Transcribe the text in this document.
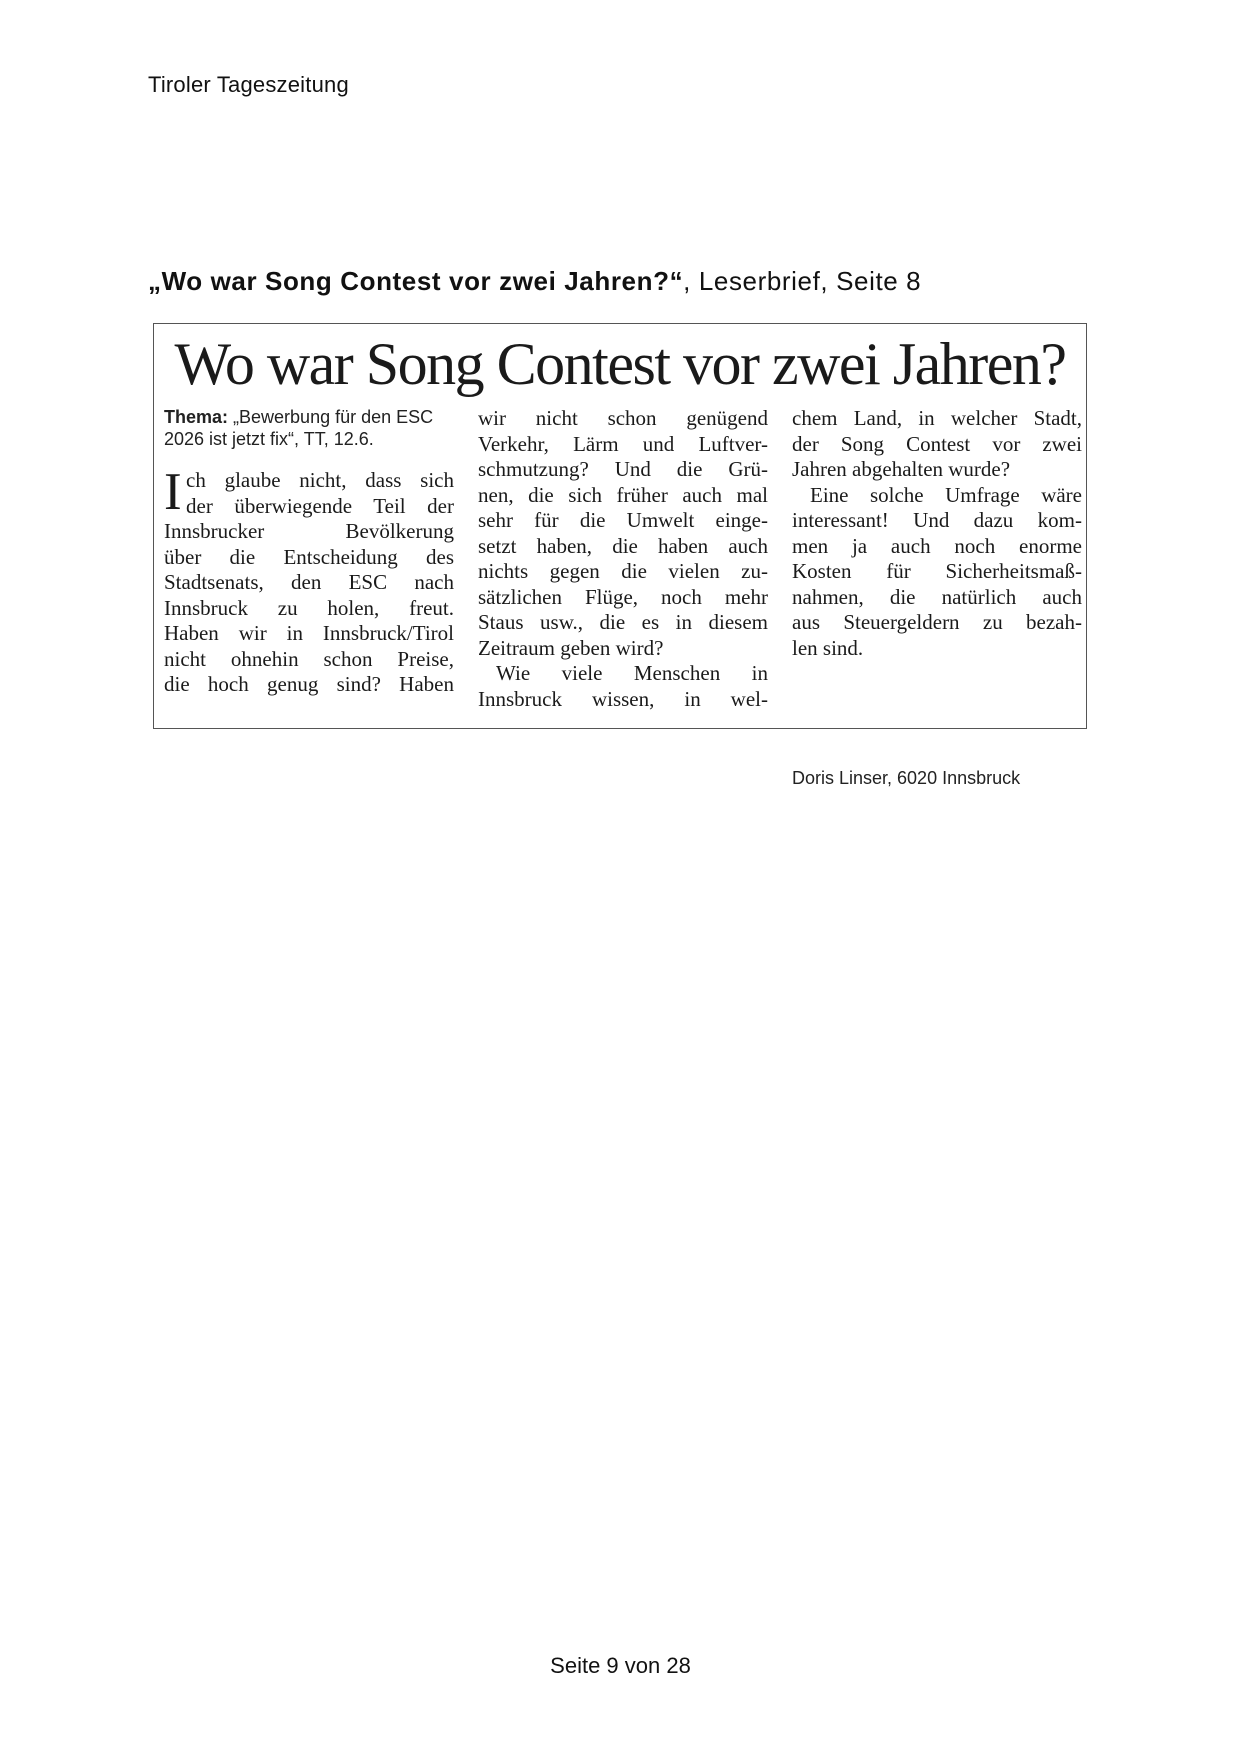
Tiroler Tageszeitung
„Wo war Song Contest vor zwei Jahren?“, Leserbrief, Seite 8
Wo war Song Contest vor zwei Jahren?
Thema: „Bewerbung für den ESC
2026 ist jetzt fix“, TT, 12.6.
I ch glaube nicht, dass sich
der überwiegende Teil der
Innsbrucker Bevölkerung
über die Entscheidung des
Stadtsenats, den ESC nach
Innsbruck zu holen, freut.
Haben wir in Innsbruck/Tirol
nicht ohnehin schon Preise,
die hoch genug sind? Haben
wir nicht schon genügend
Verkehr, Lärm und Luftver-
schmutzung? Und die Grü-
nen, die sich früher auch mal
sehr für die Umwelt einge-
setzt haben, die haben auch
nichts gegen die vielen zu-
sätzlichen Flüge, noch mehr
Staus usw., die es in diesem
Zeitraum geben wird?
Wie viele Menschen in
Innsbruck wissen, in wel-
chem Land, in welcher Stadt,
der Song Contest vor zwei
Jahren abgehalten wurde?
Eine solche Umfrage wäre
interessant! Und dazu kom-
men ja auch noch enorme
Kosten für Sicherheitsmaß-
nahmen, die natürlich auch
aus Steuergeldern zu bezah-
len sind.
Doris Linser, 6020 Innsbruck
Seite 9 von 28
